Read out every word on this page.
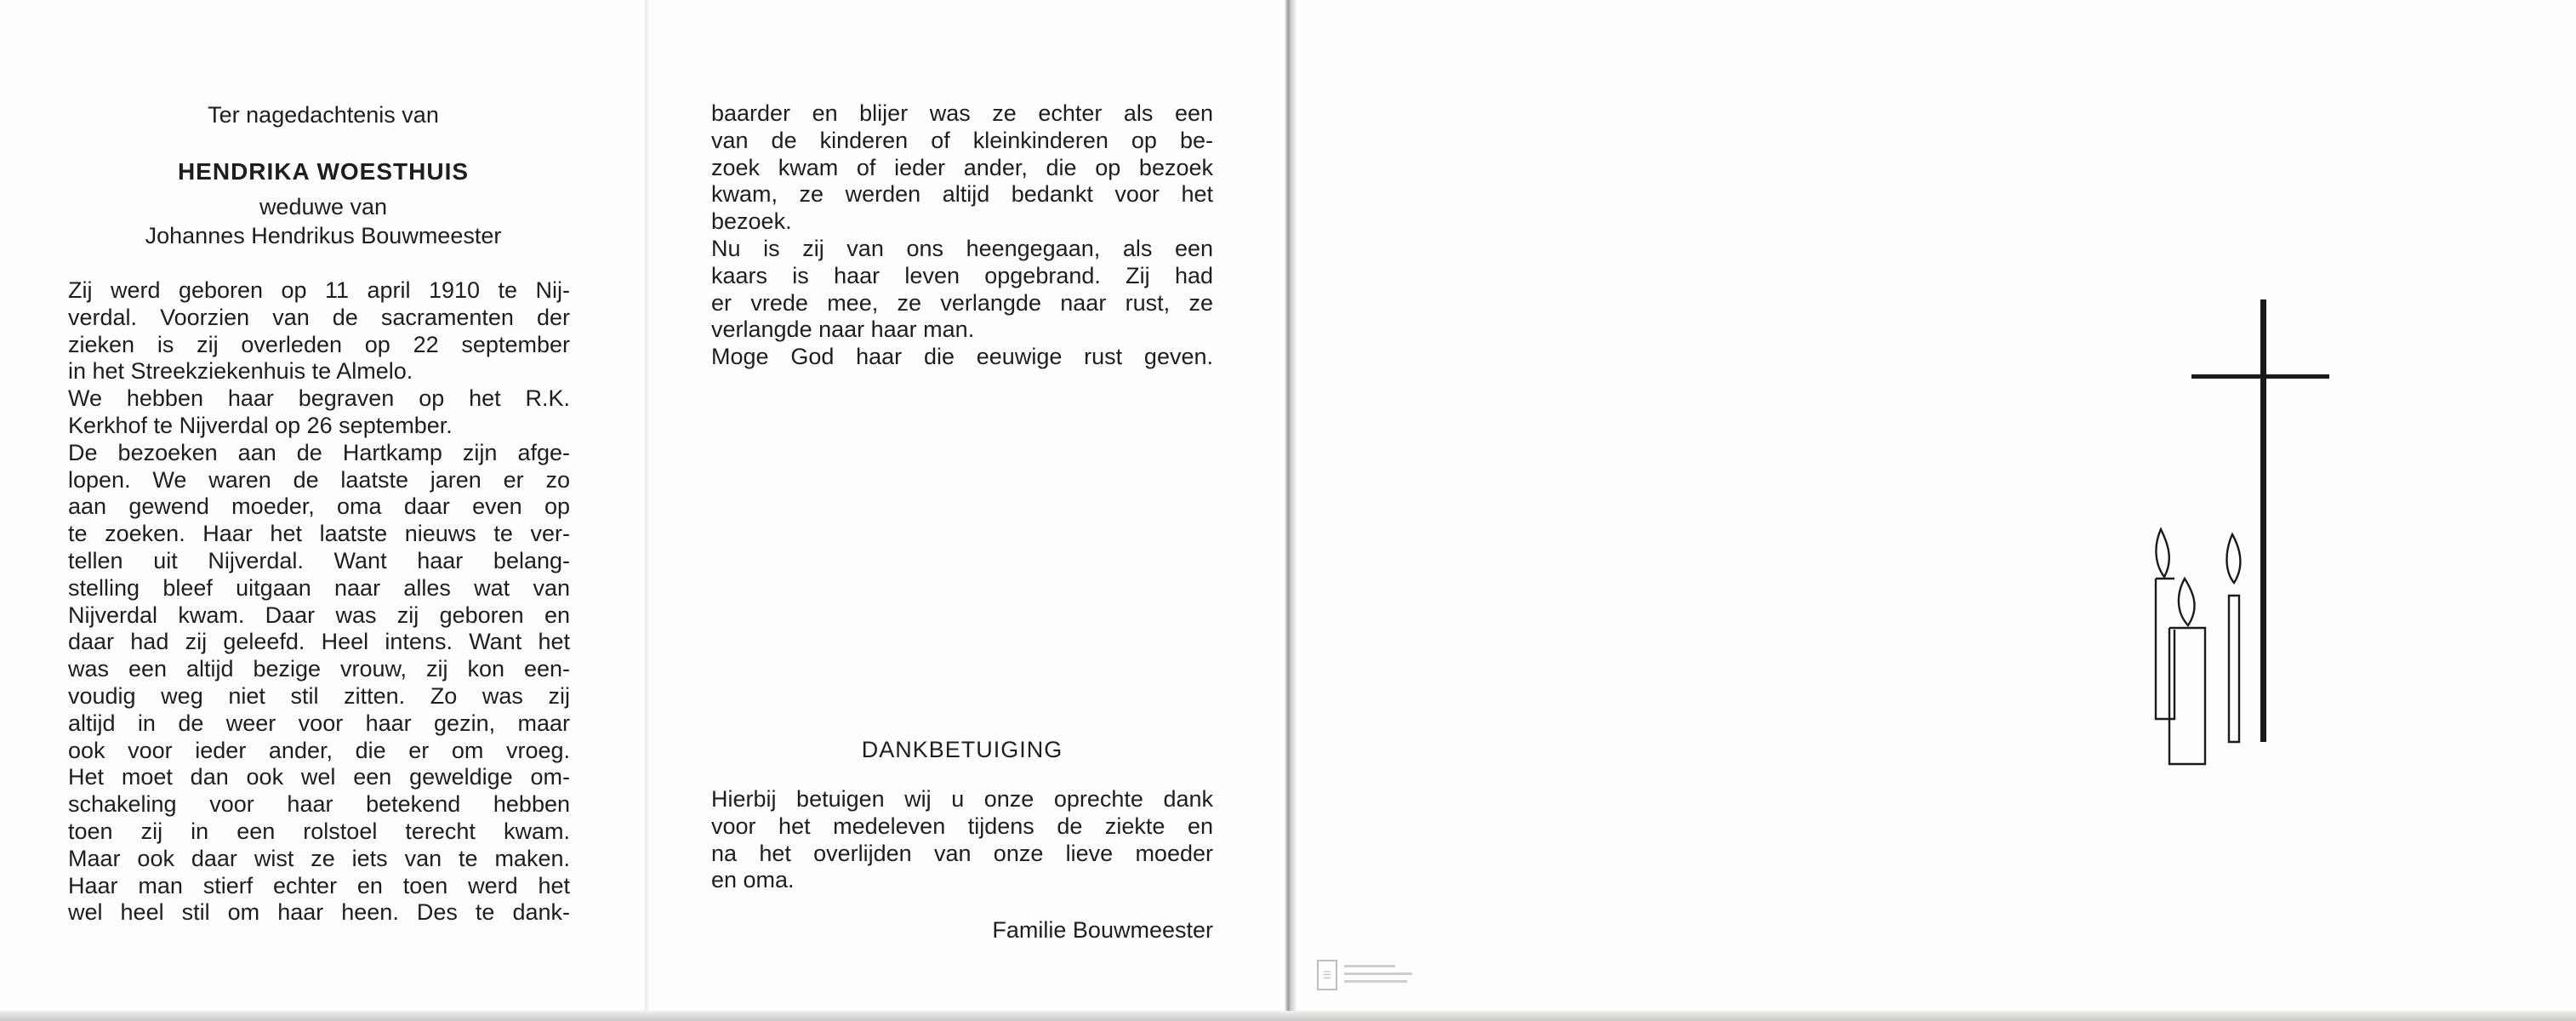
Ter nagedachtenis van
HENDRIKA WOESTHUIS
weduwe van
Johannes Hendrikus Bouwmeester
Zij werd geboren op 11 april 1910 te Nij-
verdal. Voorzien van de sacramenten der
zieken is zij overleden op 22 september
in het Streekziekenhuis te Almelo.
We hebben haar begraven op het R.K.
Kerkhof te Nijverdal op 26 september.
De bezoeken aan de Hartkamp zijn afge-
lopen. We waren de laatste jaren er zo
aan gewend moeder, oma daar even op
te zoeken. Haar het laatste nieuws te ver-
tellen uit Nijverdal. Want haar belang-
stelling bleef uitgaan naar alles wat van
Nijverdal kwam. Daar was zij geboren en
daar had zij geleefd. Heel intens. Want het
was een altijd bezige vrouw, zij kon een-
voudig weg niet stil zitten. Zo was zij
altijd in de weer voor haar gezin, maar
ook voor ieder ander, die er om vroeg.
Het moet dan ook wel een geweldige om-
schakeling voor haar betekend hebben
toen zij in een rolstoel terecht kwam.
Maar ook daar wist ze iets van te maken.
Haar man stierf echter en toen werd het
wel heel stil om haar heen. Des te dank-
baarder en blijer was ze echter als een
van de kinderen of kleinkinderen op be-
zoek kwam of ieder ander, die op bezoek
kwam, ze werden altijd bedankt voor het
bezoek.
Nu is zij van ons heengegaan, als een
kaars is haar leven opgebrand. Zij had
er vrede mee, ze verlangde naar rust, ze
verlangde naar haar man.
Moge God haar die eeuwige rust geven.
DANKBETUIGING
Hierbij betuigen wij u onze oprechte dank
voor het medeleven tijdens de ziekte en
na het overlijden van onze lieve moeder
en oma.
Familie Bouwmeester
☰
